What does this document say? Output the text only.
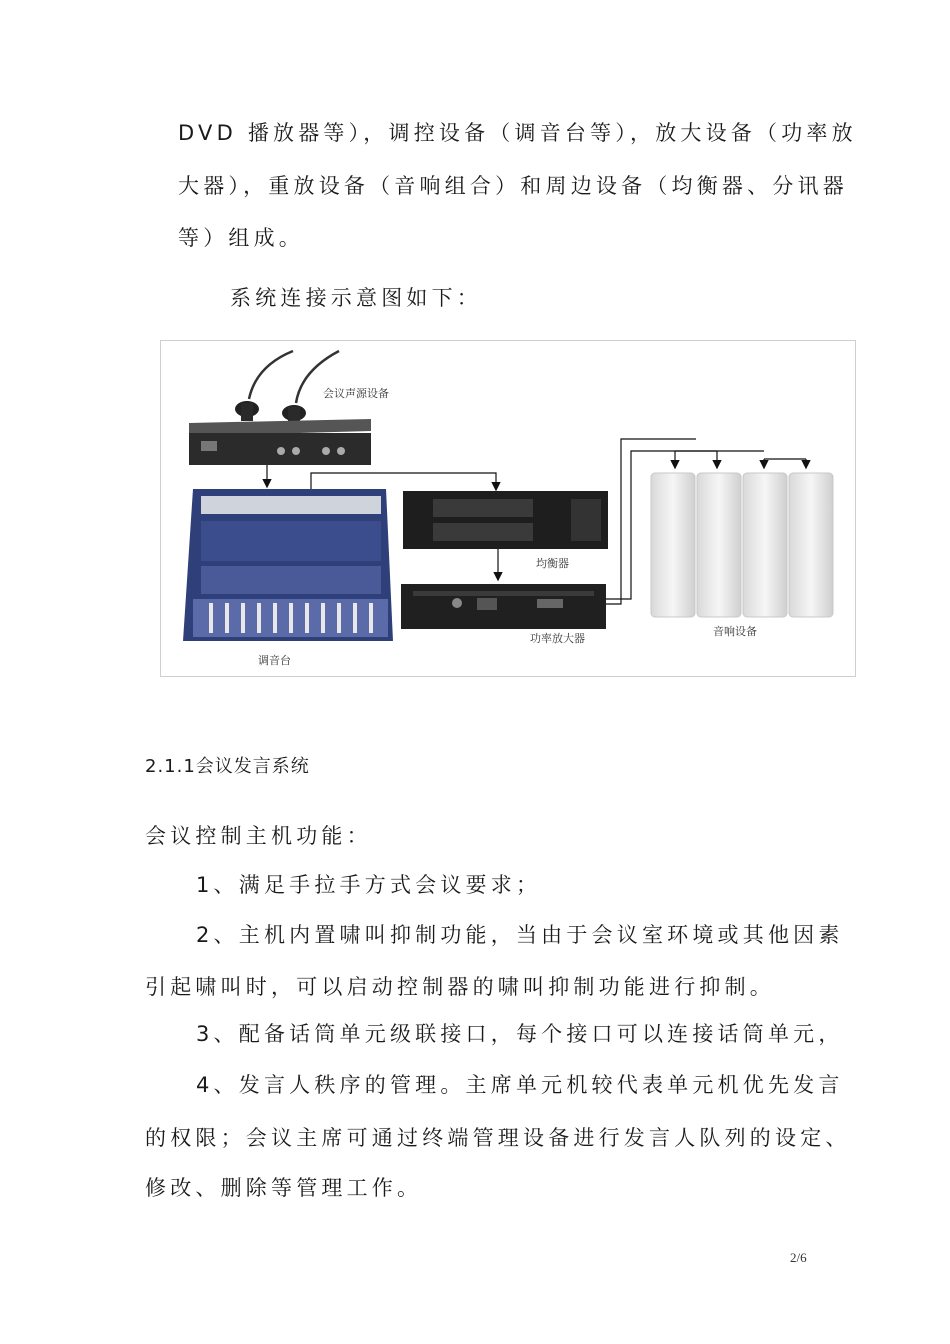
DVD 播放器等），调控设备（调音台等），放大设备（功率放
大器），重放设备（音响组合）和周边设备（均衡器、分讯器
等）组成。
系统连接示意图如下：
会议声源设备
调音台
均衡器
功率放大器
音响设备
2.1.1会议发言系统
会议控制主机功能：
1、满足手拉手方式会议要求；
2、主机内置啸叫抑制功能，当由于会议室环境或其他因素
引起啸叫时，可以启动控制器的啸叫抑制功能进行抑制。
3、配备话筒单元级联接口，每个接口可以连接话筒单元，
4、发言人秩序的管理。主席单元机较代表单元机优先发言
的权限；会议主席可通过终端管理设备进行发言人队列的设定、
修改、删除等管理工作。
2/6
